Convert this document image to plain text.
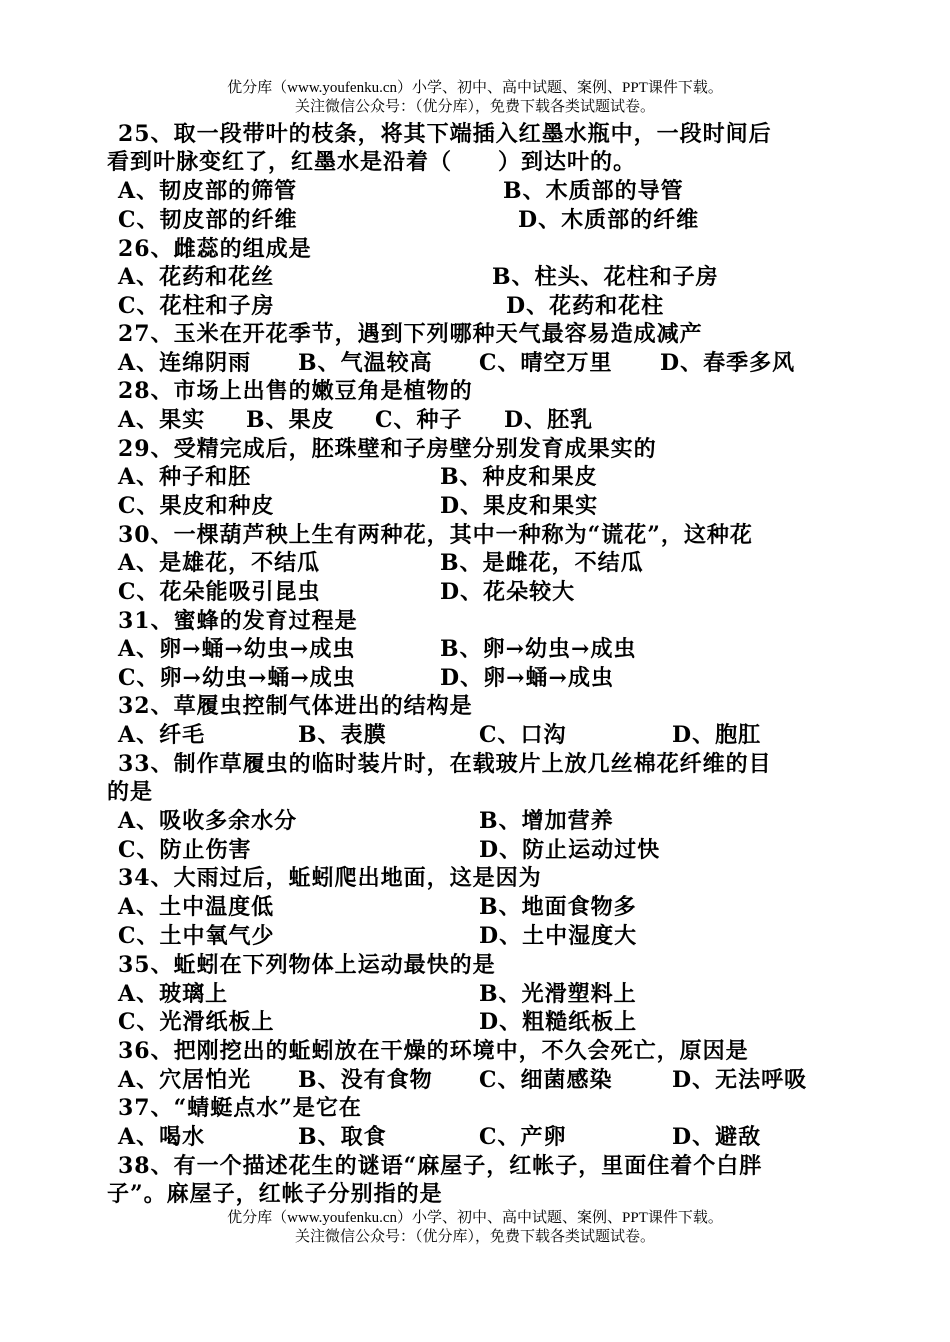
优分库（www.youfenku.cn）小学、初中、高中试题、案例、PPT课件下载。
关注微信公众号：（优分库），免费下载各类试题试卷。
25、取一段带叶的枝条，将其下端插入红墨水瓶中，一段时间后
看到叶脉变红了，红墨水是沿着（　　）到达叶的。
A、韧皮部的筛管	B、木质部的导管
C、韧皮部的纤维	D、木质部的纤维
26、雌蕊的组成是
A、花药和花丝	B、柱头、花柱和子房
C、花柱和子房	D、花药和花柱
27、玉米在开花季节，遇到下列哪种天气最容易造成减产
A、连绵阴雨 B、气温较高 C、晴空万里 D、春季多风
28、市场上出售的嫩豆角是植物的
A、果实 B、果皮 C、种子 D、胚乳
29、受精完成后，胚珠壁和子房壁分别发育成果实的
A、种子和胚	B、种皮和果皮
C、果皮和种皮	D、果皮和果实
30、一棵葫芦秧上生有两种花，其中一种称为“谎花”，这种花
A、是雄花，不结瓜	B、是雌花，不结瓜
C、花朵能吸引昆虫	D、花朵较大
31、蜜蜂的发育过程是
A、卵→蛹→幼虫→成虫	B、卵→幼虫→成虫
C、卵→幼虫→蛹→成虫	D、卵→蛹→成虫
32、草履虫控制气体进出的结构是
A、纤毛	B、表膜	C、口沟	D、胞肛
33、制作草履虫的临时装片时，在载玻片上放几丝棉花纤维的目
的是
A、吸收多余水分	B、增加营养
C、防止伤害	D、防止运动过快
34、大雨过后，蚯蚓爬出地面，这是因为
A、土中温度低	B、地面食物多
C、土中氧气少	D、土中湿度大
35、蚯蚓在下列物体上运动最快的是
A、玻璃上	B、光滑塑料上
C、光滑纸板上	D、粗糙纸板上
36、把刚挖出的蚯蚓放在干燥的环境中，不久会死亡，原因是
A、穴居怕光 B、没有食物 C、细菌感染	D、无法呼吸
37、“蜻蜓点水”是它在
A、喝水	B、取食	C、产卵	D、避敌
38、有一个描述花生的谜语“麻屋子，红帐子，里面住着个白胖
子”。麻屋子，红帐子分别指的是
优分库（www.youfenku.cn）小学、初中、高中试题、案例、PPT课件下载。
关注微信公众号：（优分库），免费下载各类试题试卷。
